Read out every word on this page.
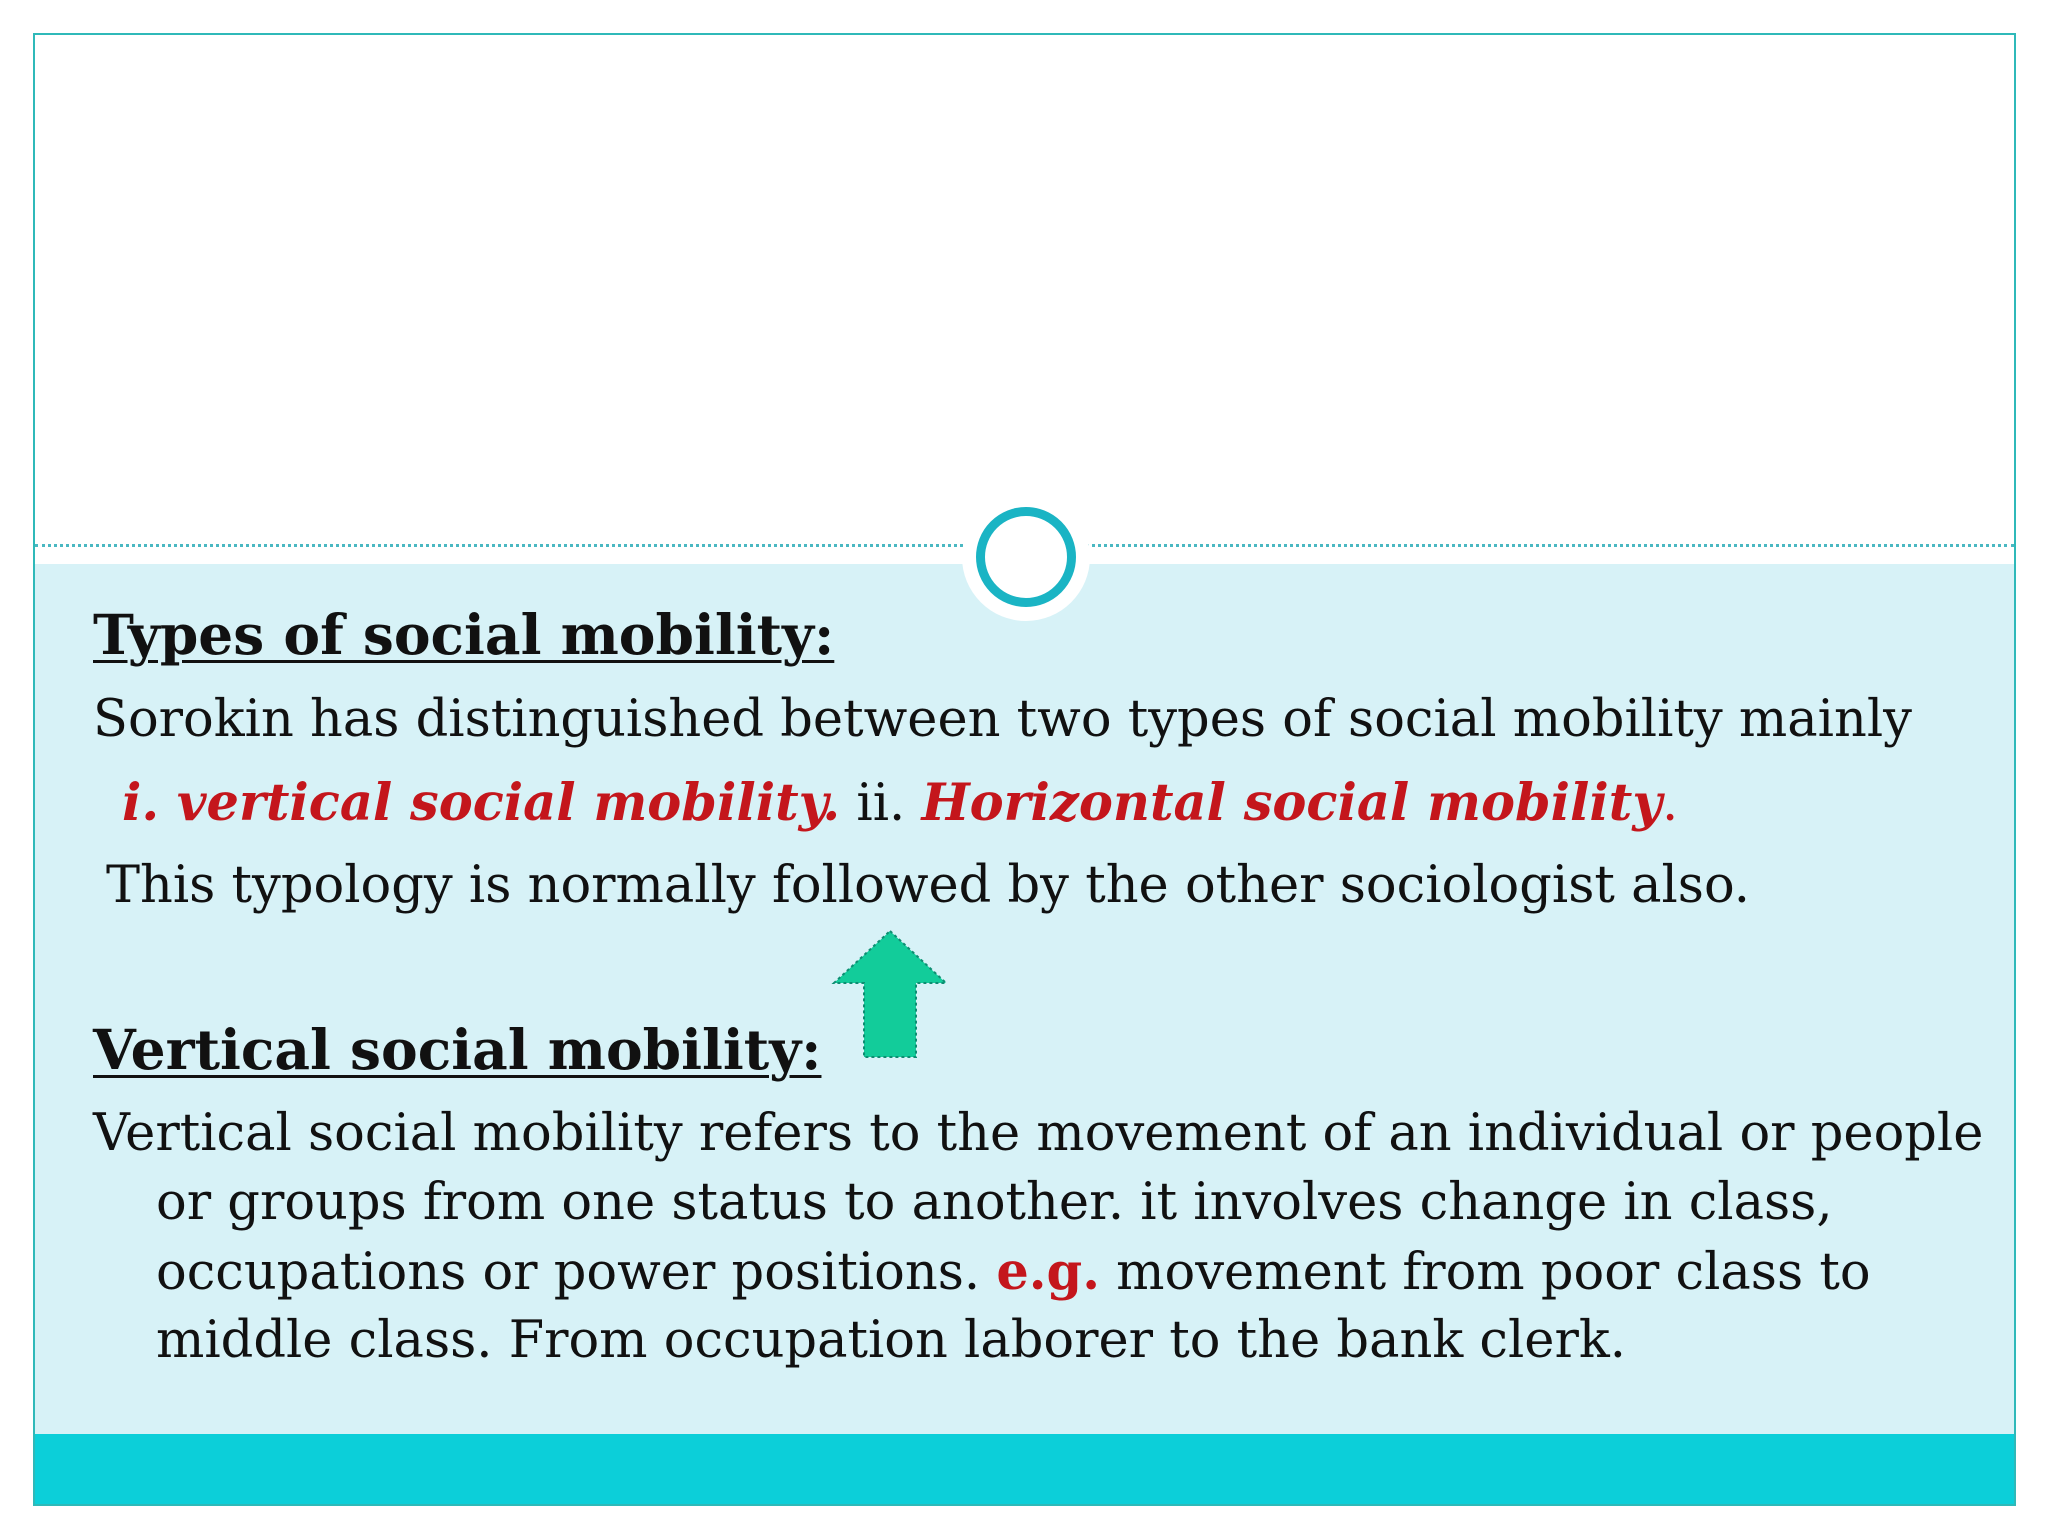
Types of social mobility:

Sorokin has distinguished between two types of social mobility mainly

i. vertical social mobility. ii. Horizontal social mobility.

This typology is normally followed by the other sociologist also.

Vertical social mobility:

Vertical social mobility refers to the movement of an individual or people

or groups from one status to another. it involves change in class,

occupations or power positions. e.g. movement from poor class to

middle class. From occupation laborer to the bank clerk.
